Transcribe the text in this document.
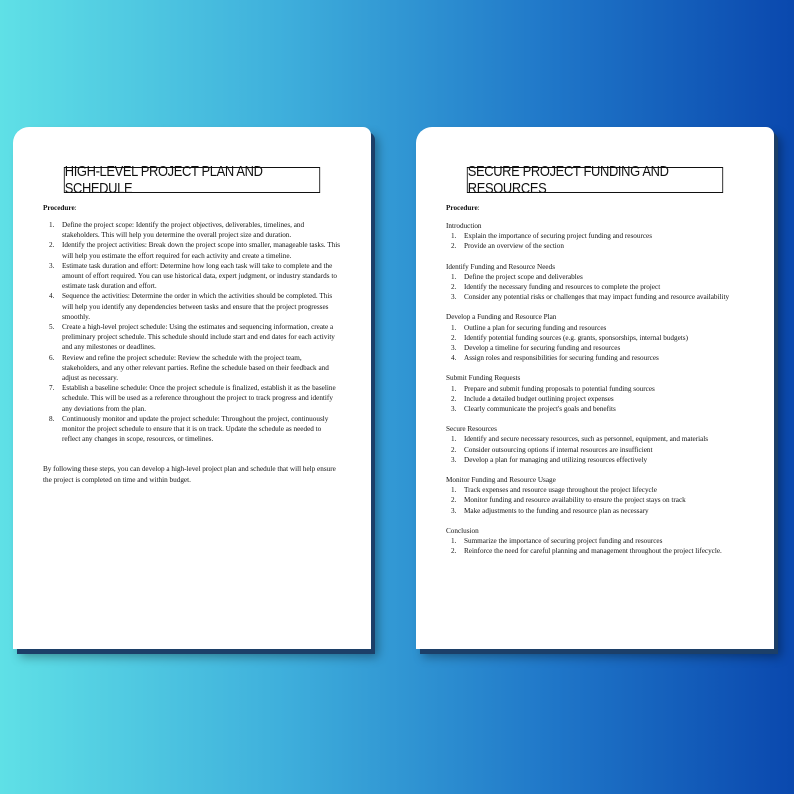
HIGH-LEVEL PROJECT PLAN AND SCHEDULE
Procedure:
1. Define the project scope: Identify the project objectives, deliverables, timelines, and stakeholders. This will help you determine the overall project size and duration.
2. Identify the project activities: Break down the project scope into smaller, manageable tasks. This will help you estimate the effort required for each activity and create a timeline.
3. Estimate task duration and effort: Determine how long each task will take to complete and the amount of effort required. You can use historical data, expert judgment, or industry standards to estimate task duration and effort.
4. Sequence the activities: Determine the order in which the activities should be completed. This will help you identify any dependencies between tasks and ensure that the project progresses smoothly.
5. Create a high-level project schedule: Using the estimates and sequencing information, create a preliminary project schedule. This schedule should include start and end dates for each activity and any milestones or deadlines.
6. Review and refine the project schedule: Review the schedule with the project team, stakeholders, and any other relevant parties. Refine the schedule based on their feedback and adjust as necessary.
7. Establish a baseline schedule: Once the project schedule is finalized, establish it as the baseline schedule. This will be used as a reference throughout the project to track progress and identify any deviations from the plan.
8. Continuously monitor and update the project schedule: Throughout the project, continuously monitor the project schedule to ensure that it is on track. Update the schedule as needed to reflect any changes in scope, resources, or timelines.
By following these steps, you can develop a high-level project plan and schedule that will help ensure the project is completed on time and within budget.
SECURE PROJECT FUNDING AND RESOURCES
Procedure:
Introduction
1. Explain the importance of securing project funding and resources
2. Provide an overview of the section
Identify Funding and Resource Needs
1. Define the project scope and deliverables
2. Identify the necessary funding and resources to complete the project
3. Consider any potential risks or challenges that may impact funding and resource availability
Develop a Funding and Resource Plan
1. Outline a plan for securing funding and resources
2. Identify potential funding sources (e.g. grants, sponsorships, internal budgets)
3. Develop a timeline for securing funding and resources
4. Assign roles and responsibilities for securing funding and resources
Submit Funding Requests
1. Prepare and submit funding proposals to potential funding sources
2. Include a detailed budget outlining project expenses
3. Clearly communicate the project's goals and benefits
Secure Resources
1. Identify and secure necessary resources, such as personnel, equipment, and materials
2. Consider outsourcing options if internal resources are insufficient
3. Develop a plan for managing and utilizing resources effectively
Monitor Funding and Resource Usage
1. Track expenses and resource usage throughout the project lifecycle
2. Monitor funding and resource availability to ensure the project stays on track
3. Make adjustments to the funding and resource plan as necessary
Conclusion
1. Summarize the importance of securing project funding and resources
2. Reinforce the need for careful planning and management throughout the project lifecycle.
